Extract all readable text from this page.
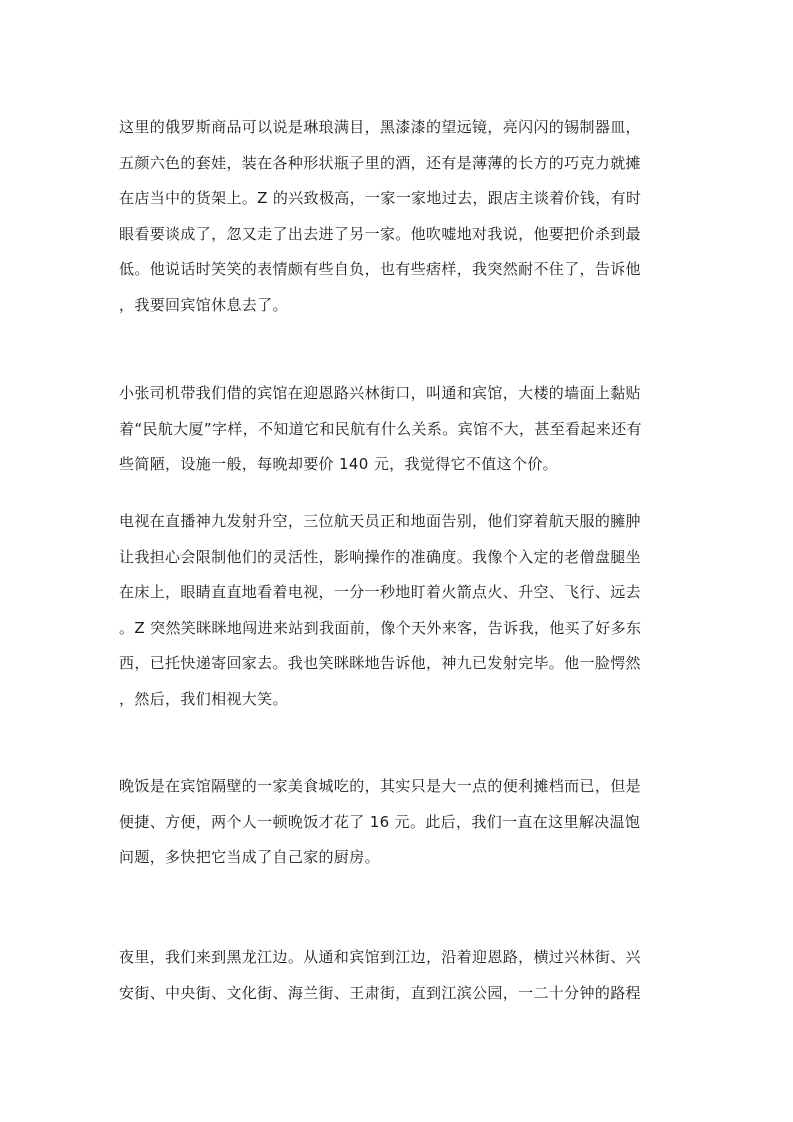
这里的俄罗斯商品可以说是琳琅满目，黑漆漆的望远镜，亮闪闪的锡制器皿，
五颜六色的套娃，装在各种形状瓶子里的酒，还有是薄薄的长方的巧克力就摊
在店当中的货架上。Z 的兴致极高，一家一家地过去，跟店主谈着价钱，有时
眼看要谈成了，忽又走了出去进了另一家。他吹嘘地对我说，他要把价杀到最
低。他说话时笑笑的表情颇有些自负，也有些痞样，我突然耐不住了，告诉他
，我要回宾馆休息去了。
小张司机带我们借的宾馆在迎恩路兴林街口，叫通和宾馆，大楼的墙面上黏贴
着“民航大厦”字样，不知道它和民航有什么关系。宾馆不大，甚至看起来还有
些简陋，设施一般，每晚却要价 140 元，我觉得它不值这个价。
电视在直播神九发射升空，三位航天员正和地面告别，他们穿着航天服的臃肿
让我担心会限制他们的灵活性，影响操作的准确度。我像个入定的老僧盘腿坐
在床上，眼睛直直地看着电视，一分一秒地盯着火箭点火、升空、飞行、远去
。Z 突然笑眯眯地闯进来站到我面前，像个天外来客，告诉我，他买了好多东
西，已托快递寄回家去。我也笑眯眯地告诉他，神九已发射完毕。他一脸愕然
，然后，我们相视大笑。
晚饭是在宾馆隔壁的一家美食城吃的，其实只是大一点的便利摊档而已，但是
便捷、方便，两个人一顿晚饭才花了 16 元。此后，我们一直在这里解决温饱
问题，多快把它当成了自己家的厨房。
夜里，我们来到黑龙江边。从通和宾馆到江边，沿着迎恩路，横过兴林街、兴
安街、中央街、文化街、海兰街、王肃街，直到江滨公园，一二十分钟的路程
